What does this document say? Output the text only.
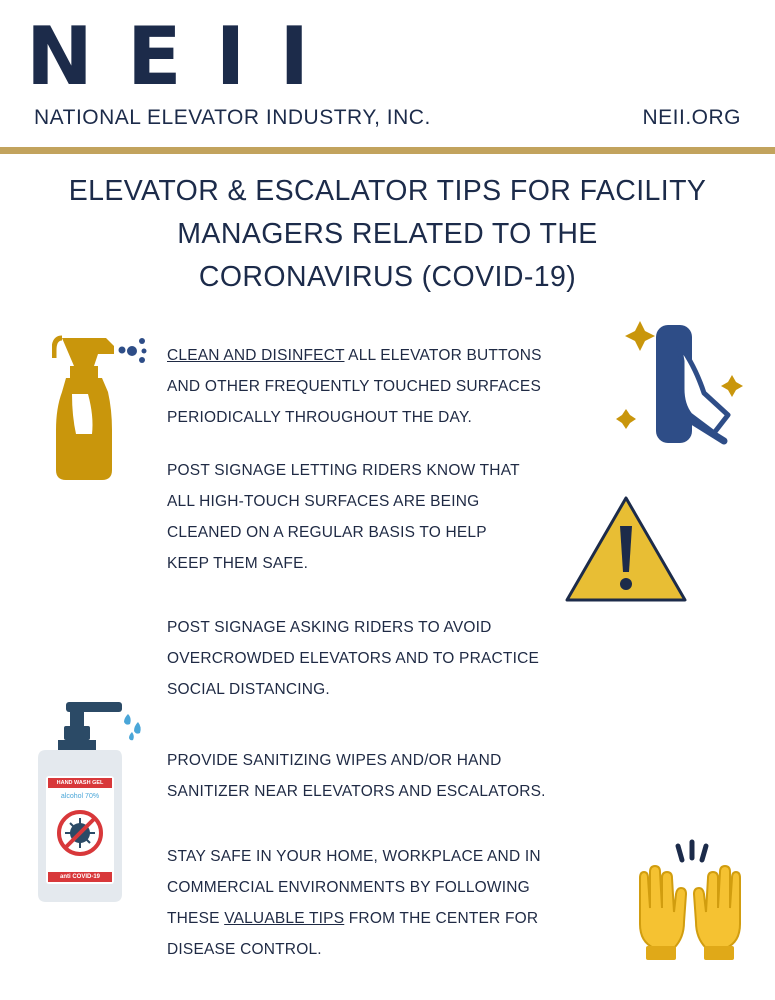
NEII
NATIONAL ELEVATOR INDUSTRY, INC.	NEII.ORG
ELEVATOR & ESCALATOR TIPS FOR FACILITY
MANAGERS RELATED TO THE
CORONAVIRUS (COVID-19)

CLEAN AND DISINFECT ALL ELEVATOR BUTTONS
AND OTHER FREQUENTLY TOUCHED SURFACES
PERIODICALLY THROUGHOUT THE DAY.

POST SIGNAGE LETTING RIDERS KNOW THAT
ALL HIGH-TOUCH SURFACES ARE BEING
CLEANED ON A REGULAR BASIS TO HELP
KEEP THEM SAFE.

POST SIGNAGE ASKING RIDERS TO AVOID
OVERCROWDED ELEVATORS AND TO PRACTICE
SOCIAL DISTANCING.

PROVIDE SANITIZING WIPES AND/OR HAND
SANITIZER NEAR ELEVATORS AND ESCALATORS.

STAY SAFE IN YOUR HOME, WORKPLACE AND IN
COMMERCIAL ENVIRONMENTS BY FOLLOWING
THESE VALUABLE TIPS FROM THE CENTER FOR
DISEASE CONTROL.

HAND WASH GEL
alcohol 70%
anti COVID-19
